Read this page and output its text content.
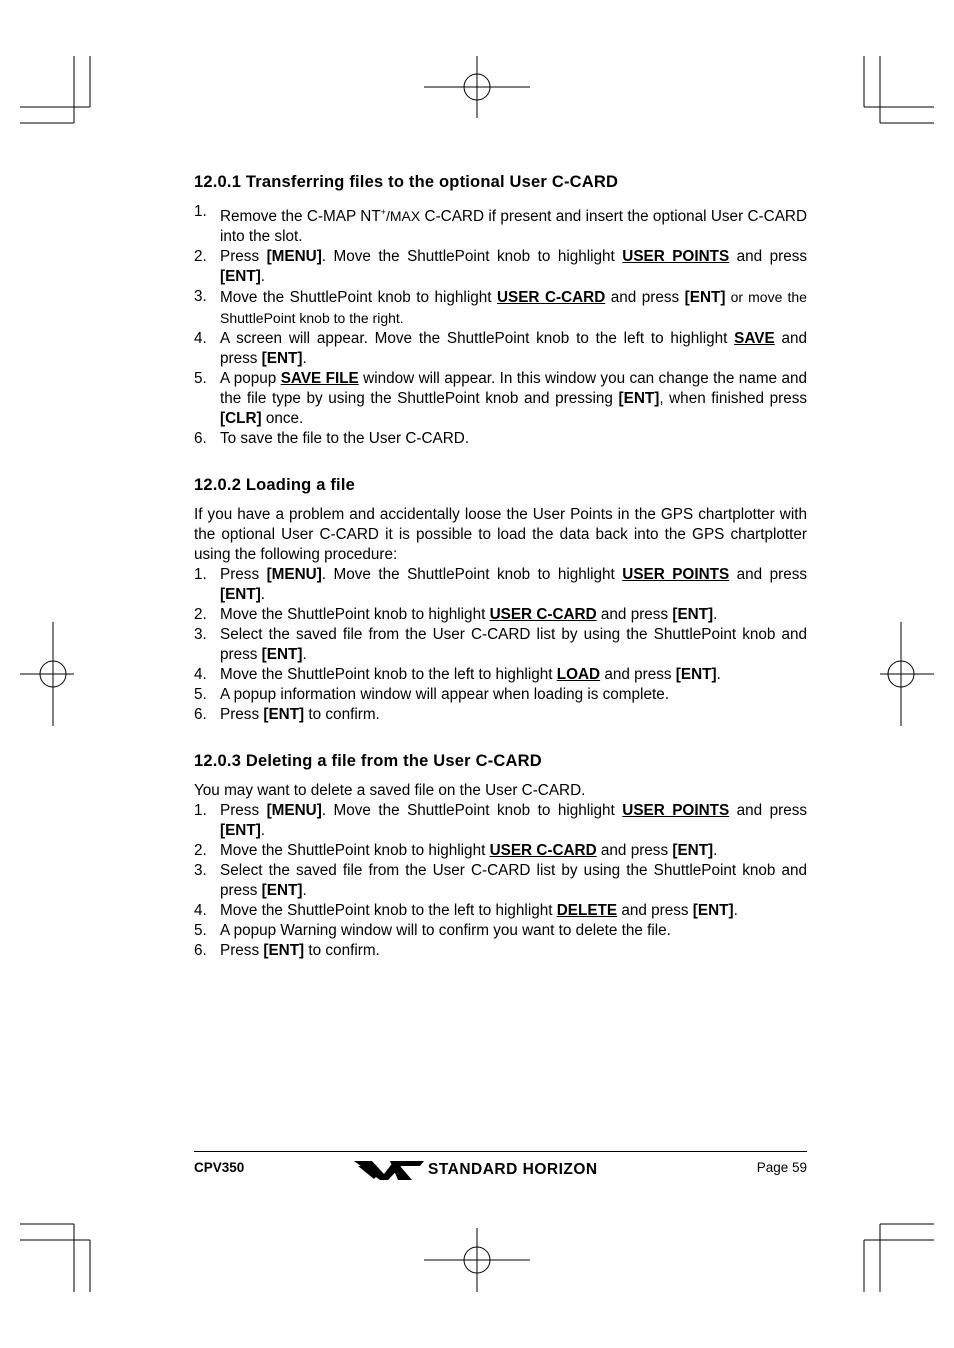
12.0.1 Transferring files to the optional User C-CARD
1. Remove the C-MAP NT+/MAX C-CARD if present and insert the optional User C-CARD into the slot.
2. Press [MENU]. Move the ShuttlePoint knob to highlight USER POINTS and press [ENT].
3. Move the ShuttlePoint knob to highlight USER C-CARD and press [ENT] or move the ShuttlePoint knob to the right.
4. A screen will appear. Move the ShuttlePoint knob to the left to highlight SAVE and press [ENT].
5. A popup SAVE FILE window will appear. In this window you can change the name and the file type by using the ShuttlePoint knob and pressing [ENT], when finished press [CLR] once.
6. To save the file to the User C-CARD.
12.0.2 Loading a file

If you have a problem and accidentally loose the User Points in the GPS chartplotter with the optional User C-CARD it is possible to load the data back into the GPS chartplotter using the following procedure:

1. Press [MENU]. Move the ShuttlePoint knob to highlight USER POINTS and press [ENT].
2. Move the ShuttlePoint knob to highlight USER C-CARD and press [ENT].
3. Select the saved file from the User C-CARD list by using the ShuttlePoint knob and press [ENT].
4. Move the ShuttlePoint knob to the left to highlight LOAD and press [ENT].
5. A popup information window will appear when loading is complete.
6. Press [ENT] to confirm.
12.0.3 Deleting a file from the User C-CARD

You may want to delete a saved file on the User C-CARD.

1. Press [MENU]. Move the ShuttlePoint knob to highlight USER POINTS and press [ENT].
2. Move the ShuttlePoint knob to highlight USER C-CARD and press [ENT].
3. Select the saved file from the User C-CARD list by using the ShuttlePoint knob and press [ENT].
4. Move the ShuttlePoint knob to the left to highlight DELETE and press [ENT].
5. A popup Warning window will to confirm you want to delete the file.
6. Press [ENT] to confirm.
CPV350	STANDARD HORIZON	Page 59
